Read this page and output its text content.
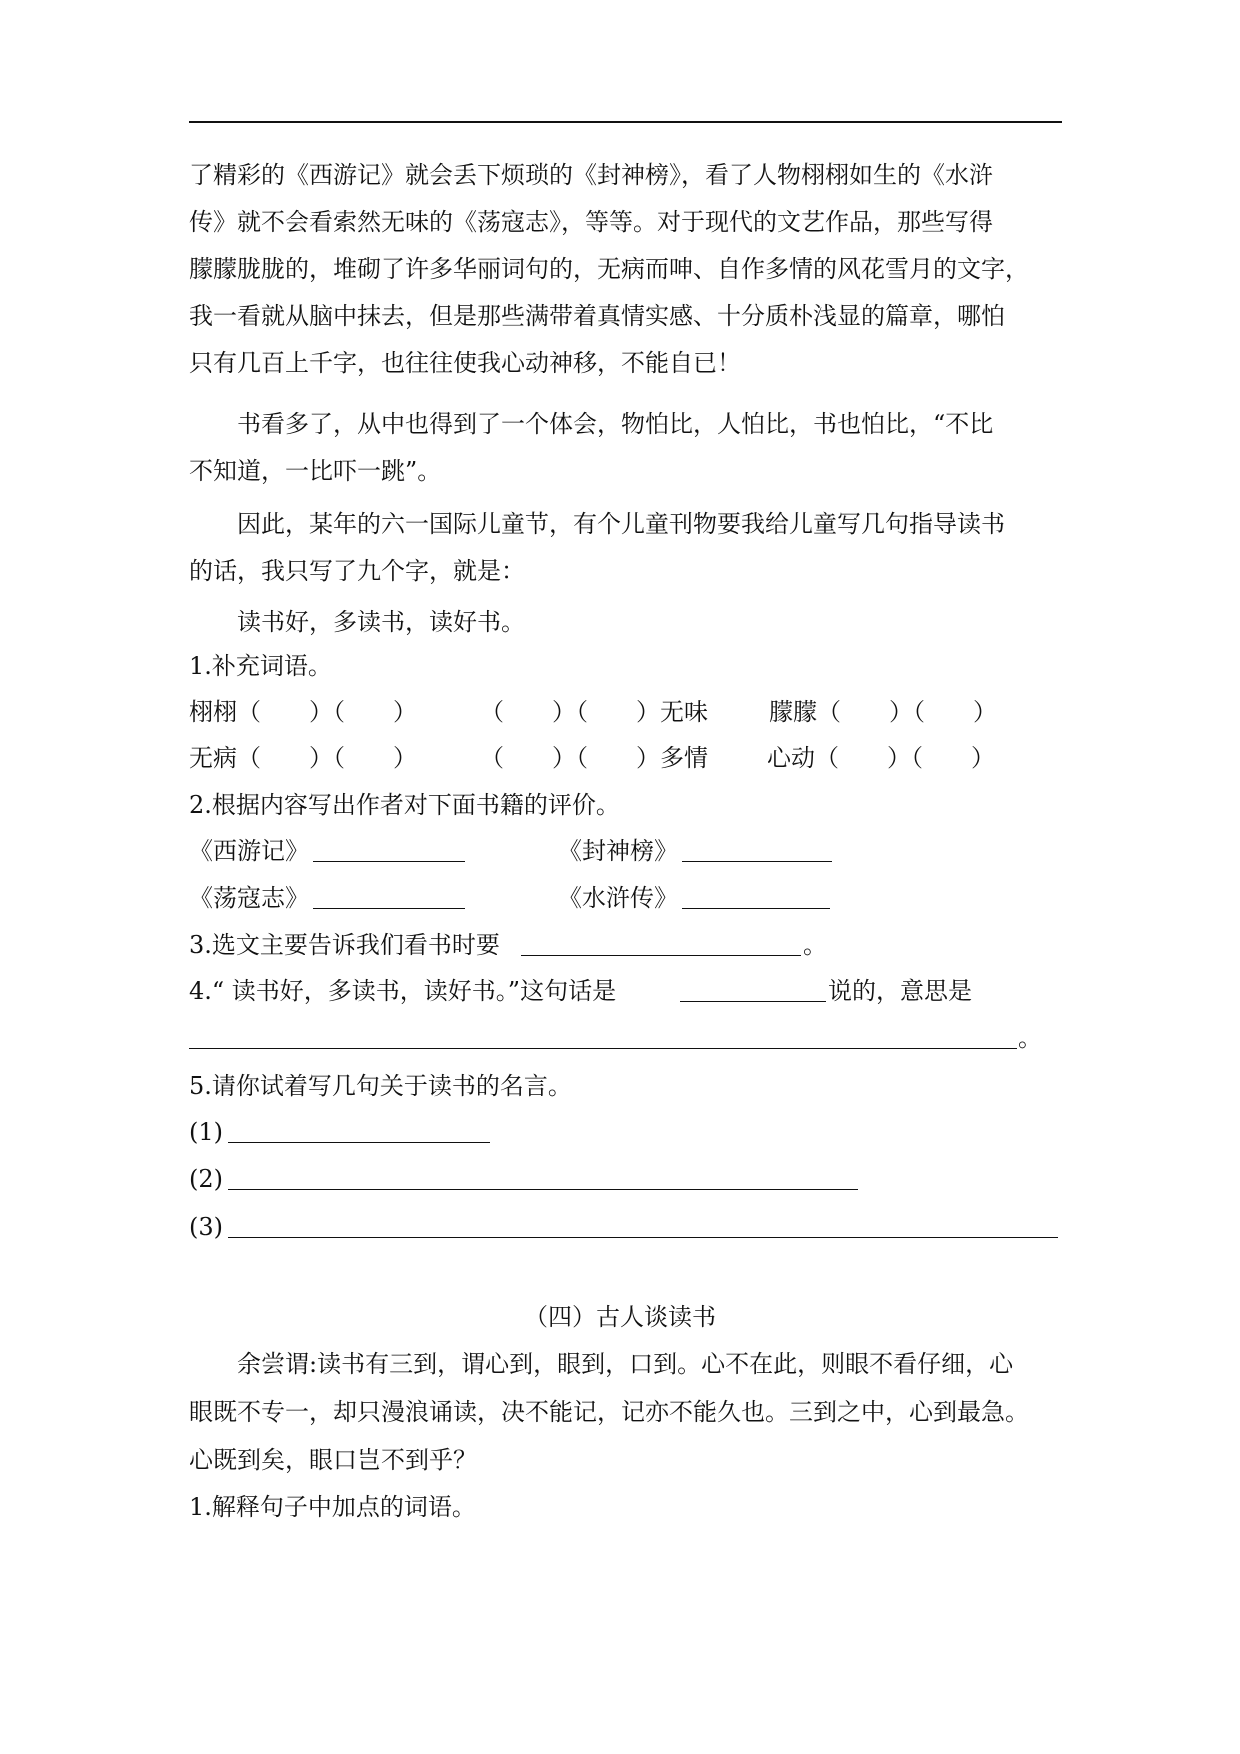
了精彩的《西游记》就会丢下烦琐的《封神榜》，看了人物栩栩如生的《水浒

传》就不会看索然无味的《荡寇志》，等等。对于现代的文艺作品，那些写得

朦朦胧胧的，堆砌了许多华丽词句的，无病而呻、自作多情的风花雪月的文字，

我一看就从脑中抹去，但是那些满带着真情实感、十分质朴浅显的篇章，哪怕

只有几百上千字，也往往使我心动神移，不能自已！

书看多了，从中也得到了一个体会，物怕比，人怕比，书也怕比，“不比

不知道，一比吓一跳”。

因此，某年的六一国际儿童节，有个儿童刊物要我给儿童写几句指导读书

的话，我只写了九个字，就是：

读书好，多读书，读好书。

1.补充词语。
栩栩 （　　）（　　）	（　　）（　　）无味	朦朦 （　　）（　　）
无病 （　　）（　　）	（　　）（　　）多情 心动 （　　）（　　）
2.根据内容写出作者对下面书籍的评价。
《西游记》	《封神榜》
《荡寇志》	《水浒传》
3.选文主要告诉我们看书时要	。
4.“ 读书好，多读书，读好书。”这句话是	说的，意思是
。
5.请你试着写几句关于读书的名言。
(1)
(2)
(3)
（四）古人谈读书

余尝谓:读书有三到，谓心到，眼到，口到。心不在此，则眼不看仔细，心

眼既不专一，却只漫浪诵读，决不能记，记亦不能久也。三到之中，心到最急。

心既到矣，眼口岂不到乎？

1.解释句子中加点的词语。
